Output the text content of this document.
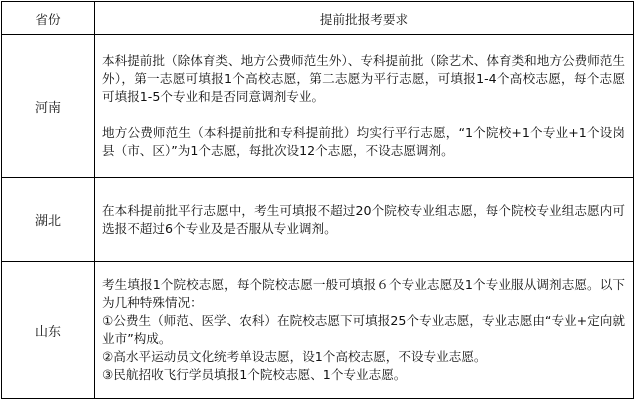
省份	提前批报考要求
河南	本科提前批（除体育类、地方公费师范生外）、专科提前批（除艺术、体育类和地方公费师范生外），第一志愿可填报1个高校志愿，第二志愿为平行志愿，可填报1-4个高校志愿，每个志愿可填报1-5个专业和是否同意调剂专业。

地方公费师范生（本科提前批和专科提前批）均实行平行志愿，“1个院校+1个专业+1个设岗县（市、区）”为1个志愿，每批次设12个志愿，不设志愿调剂。

湖北	在本科提前批平行志愿中，考生可填报不超过20个院校专业组志愿，每个院校专业组志愿内可选报不超过6个专业及是否服从专业调剂。

山东	考生填报1个院校志愿，每个院校志愿一般可填报６个专业志愿及1个专业服从调剂志愿。以下为几种特殊情况：

①公费生（师范、医学、农科）在院校志愿下可填报25个专业志愿，专业志愿由“专业+定向就业市”构成。

②高水平运动员文化统考单设志愿，设1个高校志愿，不设专业志愿。

③民航招收飞行学员填报1个院校志愿、1个专业志愿。
